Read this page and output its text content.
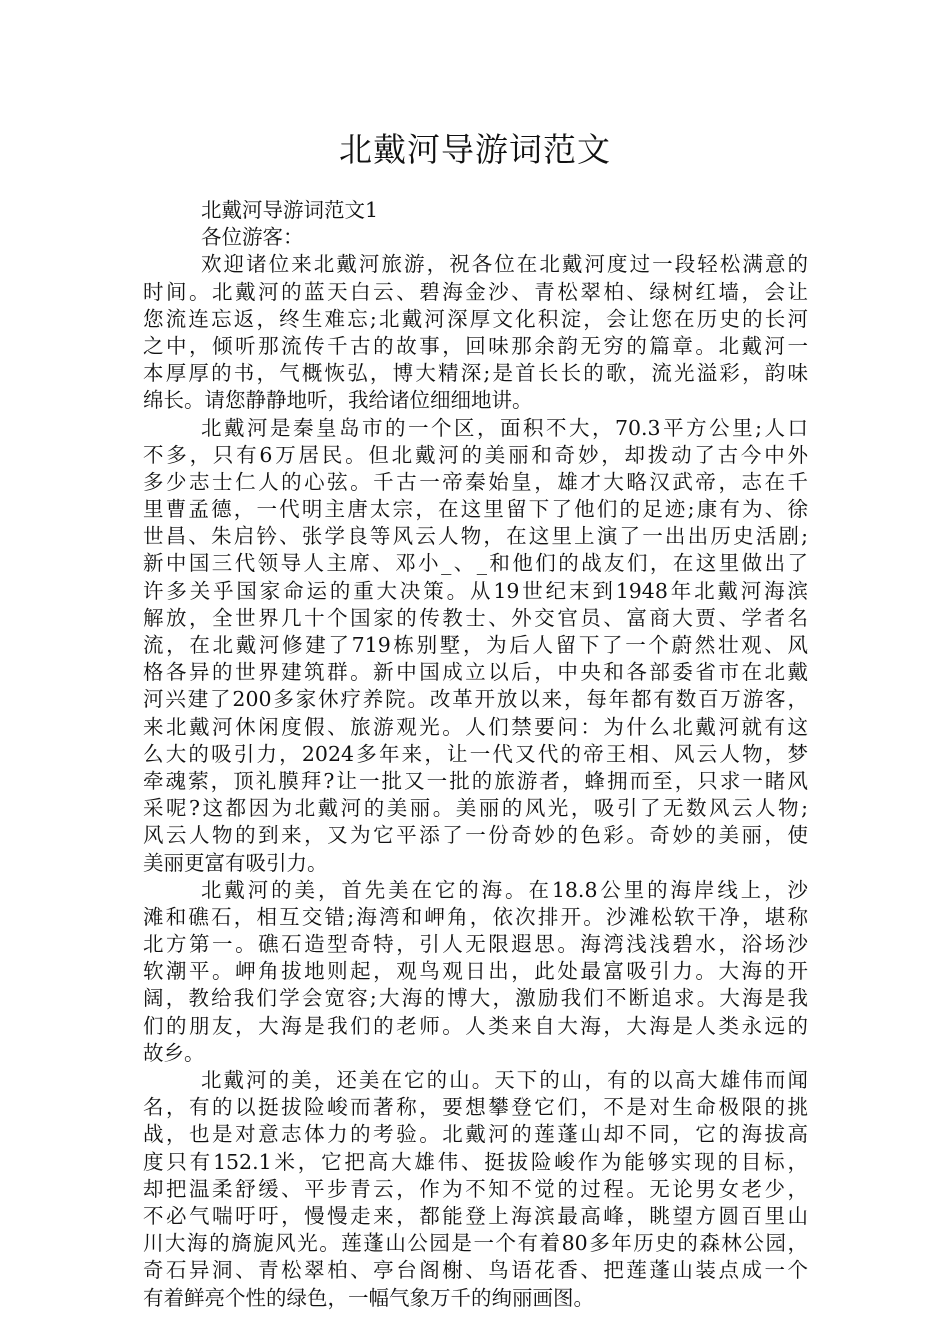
北戴河导游词范文
北戴河导游词范文1
各位游客：
欢迎诸位来北戴河旅游，祝各位在北戴河度过一段轻松满意的
时间。北戴河的蓝天白云、碧海金沙、青松翠柏、绿树红墙，会让
您流连忘返，终生难忘;北戴河深厚文化积淀，会让您在历史的长河
之中，倾听那流传千古的故事，回味那余韵无穷的篇章。北戴河一
本厚厚的书，气概恢弘，博大精深;是首长长的歌，流光溢彩，韵味
绵长。请您静静地听，我给诸位细细地讲。
北戴河是秦皇岛市的一个区，面积不大，70.3平方公里;人口
不多，只有6万居民。但北戴河的美丽和奇妙，却拨动了古今中外
多少志士仁人的心弦。千古一帝秦始皇，雄才大略汉武帝，志在千
里曹孟德，一代明主唐太宗，在这里留下了他们的足迹;康有为、徐
世昌、朱启钤、张学良等风云人物，在这里上演了一出出历史活剧;
新中国三代领导人主席、邓小_、_和他们的战友们，在这里做出了
许多关乎国家命运的重大决策。从19世纪末到1948年北戴河海滨
解放，全世界几十个国家的传教士、外交官员、富商大贾、学者名
流，在北戴河修建了719栋别墅，为后人留下了一个蔚然壮观、风
格各异的世界建筑群。新中国成立以后，中央和各部委省市在北戴
河兴建了200多家休疗养院。改革开放以来，每年都有数百万游客，
来北戴河休闲度假、旅游观光。人们禁要问：为什么北戴河就有这
么大的吸引力，2024多年来，让一代又代的帝王相、风云人物，梦
牵魂萦，顶礼膜拜?让一批又一批的旅游者，蜂拥而至，只求一睹风
采呢?这都因为北戴河的美丽。美丽的风光，吸引了无数风云人物;
风云人物的到来，又为它平添了一份奇妙的色彩。奇妙的美丽，使
美丽更富有吸引力。
北戴河的美，首先美在它的海。在18.8公里的海岸线上，沙
滩和礁石，相互交错;海湾和岬角，依次排开。沙滩松软干净，堪称
北方第一。礁石造型奇特，引人无限遐思。海湾浅浅碧水，浴场沙
软潮平。岬角拔地则起，观鸟观日出，此处最富吸引力。大海的开
阔，教给我们学会宽容;大海的博大，激励我们不断追求。大海是我
们的朋友，大海是我们的老师。人类来自大海，大海是人类永远的
故乡。
北戴河的美，还美在它的山。天下的山，有的以高大雄伟而闻
名，有的以挺拔险峻而著称，要想攀登它们，不是对生命极限的挑
战，也是对意志体力的考验。北戴河的莲蓬山却不同，它的海拔高
度只有152.1米，它把高大雄伟、挺拔险峻作为能够实现的目标，
却把温柔舒缓、平步青云，作为不知不觉的过程。无论男女老少，
不必气喘吁吁，慢慢走来，都能登上海滨最高峰，眺望方圆百里山
川大海的旖旎风光。莲蓬山公园是一个有着80多年历史的森林公园，
奇石异洞、青松翠柏、亭台阁榭、鸟语花香、把莲蓬山装点成一个
有着鲜亮个性的绿色，一幅气象万千的绚丽画图。
